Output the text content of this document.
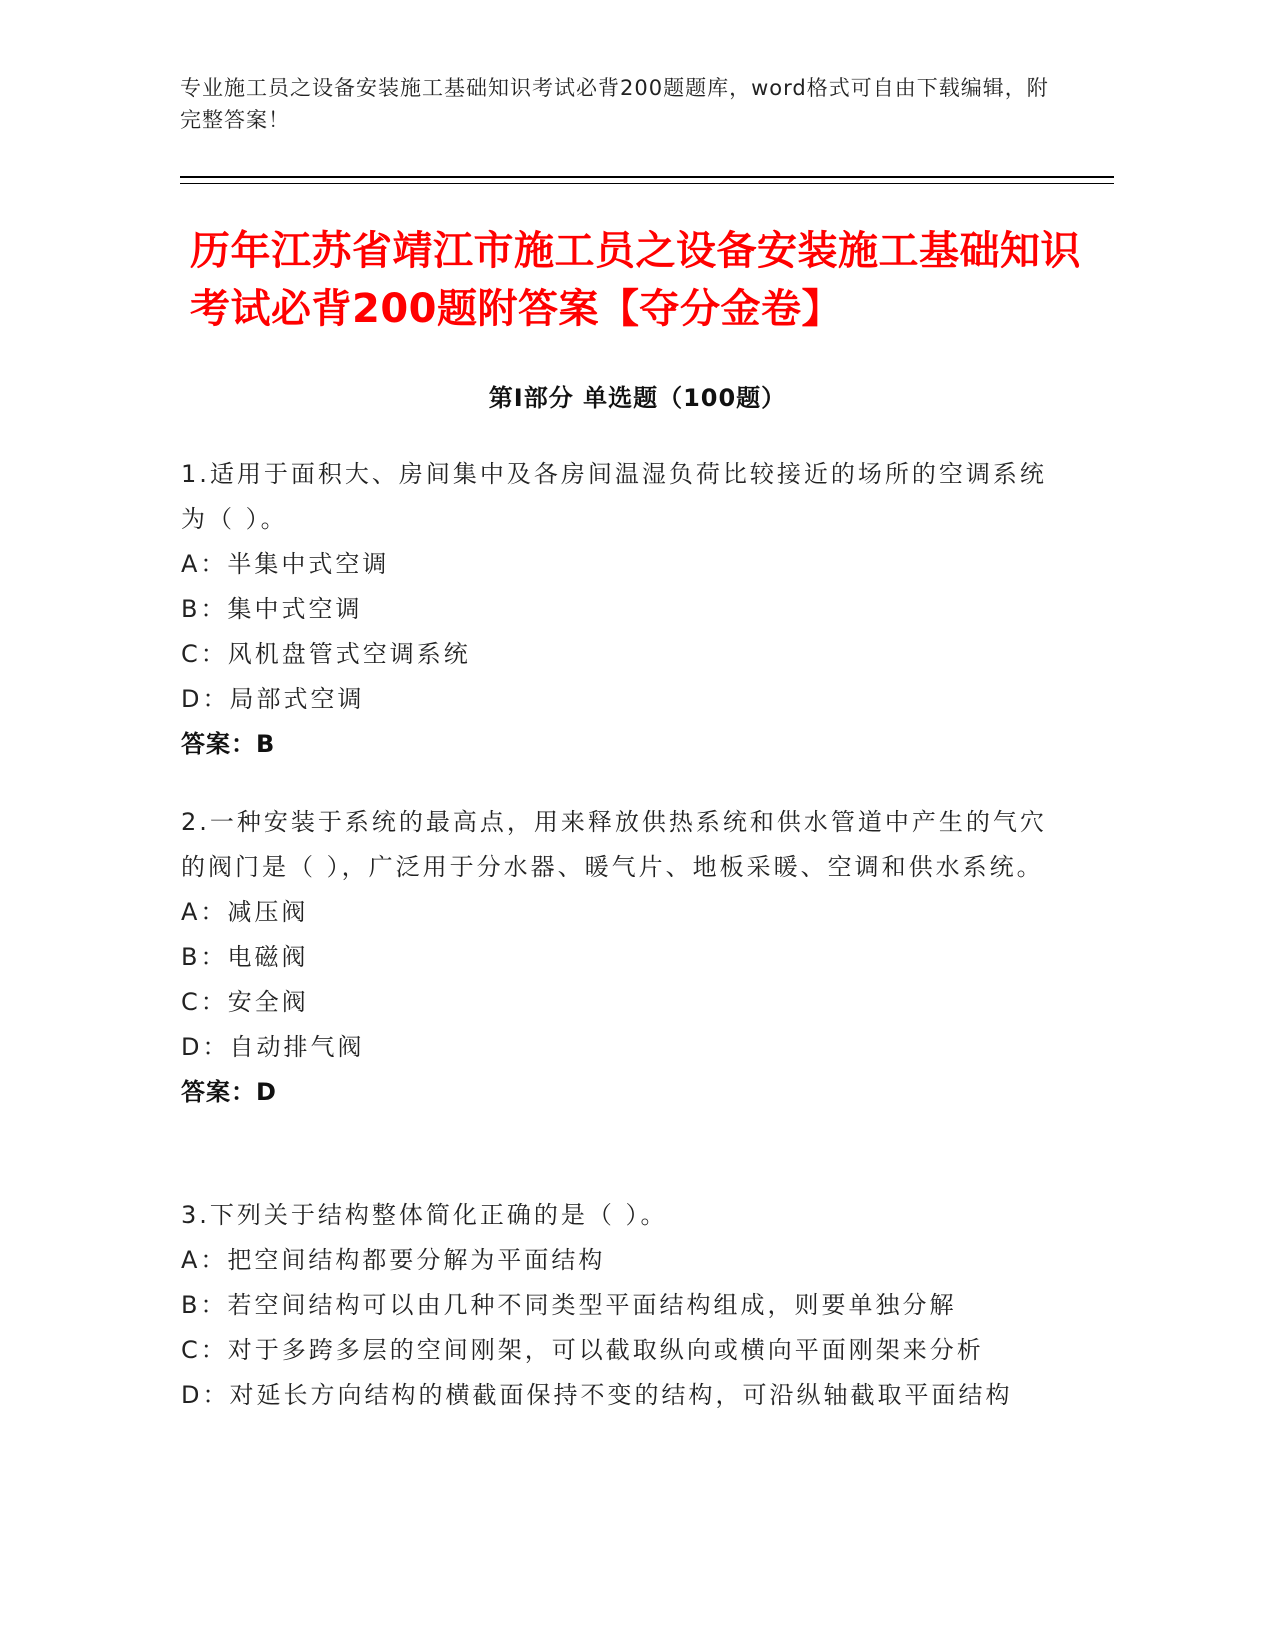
专业施工员之设备安装施工基础知识考试必背200题题库，word格式可自由下载编辑，附完整答案！
历年江苏省靖江市施工员之设备安装施工基础知识考试必背200题附答案【夺分金卷】
第Ⅰ部分 单选题（100题）
1.适用于面积大、房间集中及各房间温湿负荷比较接近的场所的空调系统为（ ）。
A：半集中式空调
B：集中式空调
C：风机盘管式空调系统
D：局部式空调
答案：B
2.一种安装于系统的最高点，用来释放供热系统和供水管道中产生的气穴的阀门是（ ），广泛用于分水器、暖气片、地板采暖、空调和供水系统。
A：减压阀
B：电磁阀
C：安全阀
D：自动排气阀
答案：D
3.下列关于结构整体简化正确的是（ ）。
A：把空间结构都要分解为平面结构
B：若空间结构可以由几种不同类型平面结构组成，则要单独分解
C：对于多跨多层的空间刚架，可以截取纵向或横向平面刚架来分析
D：对延长方向结构的横截面保持不变的结构，可沿纵轴截取平面结构
